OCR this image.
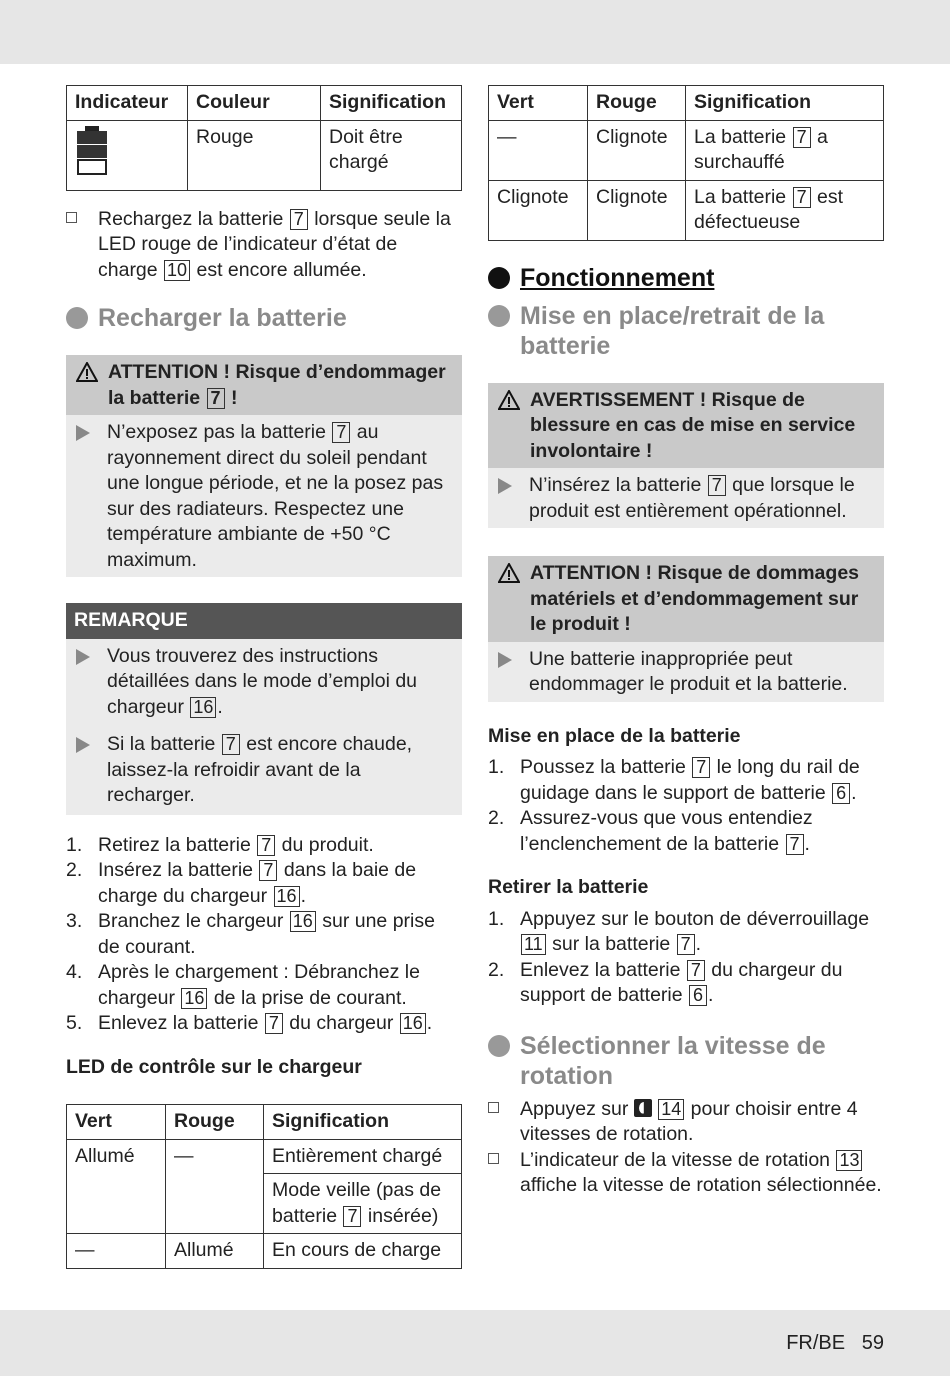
Indicateur	Couleur	Signification
	Rouge	Doit être chargé
Rechargez la batterie 7 lorsque seule la LED rouge de l’indicateur d’état de charge 10 est encore allumée.
Recharger la batterie
ATTENTION ! Risque d’endommager la batterie 7 !
N’exposez pas la batterie 7 au rayonnement direct du soleil pendant une longue période, et ne la posez pas sur des radiateurs. Respectez une température ambiante de +50 °C maximum.
REMARQUE
Vous trouverez des instructions détaillées dans le mode d’emploi du chargeur 16 .
Si la batterie 7 est encore chaude, laissez-la refroidir avant de la recharger.
1. Retirez la batterie 7 du produit.
2. Insérez la batterie 7 dans la baie de charge du chargeur 16 .
3. Branchez le chargeur 16 sur une prise de courant.
4. Après le chargement : Débranchez le chargeur 16 de la prise de courant.
5. Enlevez la batterie 7 du chargeur 16 .
LED de contrôle sur le chargeur
Vert	Rouge	Signification
Allumé	—	Entièrement chargé
		Mode veille (pas de batterie 7 insérée)
—	Allumé	En cours de charge
Vert	Rouge	Signification
—	Clignote	La batterie 7 a surchauffé
Clignote	Clignote	La batterie 7 est défectueuse
Fonctionnement
Mise en place/retrait de la batterie
AVERTISSEMENT ! Risque de blessure en cas de mise en service involontaire !
N’insérez la batterie 7 que lorsque le produit est entièrement opérationnel.
ATTENTION ! Risque de dommages matériels et d’endommagement sur le produit !
Une batterie inappropriée peut endommager le produit et la batterie.
Mise en place de la batterie
1. Poussez la batterie 7 le long du rail de guidage dans le support de batterie 6 .
2. Assurez-vous que vous entendiez l’enclenchement de la batterie 7 .
Retirer la batterie
1. Appuyez sur le bouton de déverrouillage 11 sur la batterie 7 .
2. Enlevez la batterie 7 du chargeur du support de batterie 6 .
Sélectionner la vitesse de rotation
Appuyez sur  14 pour choisir entre 4 vitesses de rotation.
L’indicateur de la vitesse de rotation 13 affiche la vitesse de rotation sélectionnée.
FR/BE   59
